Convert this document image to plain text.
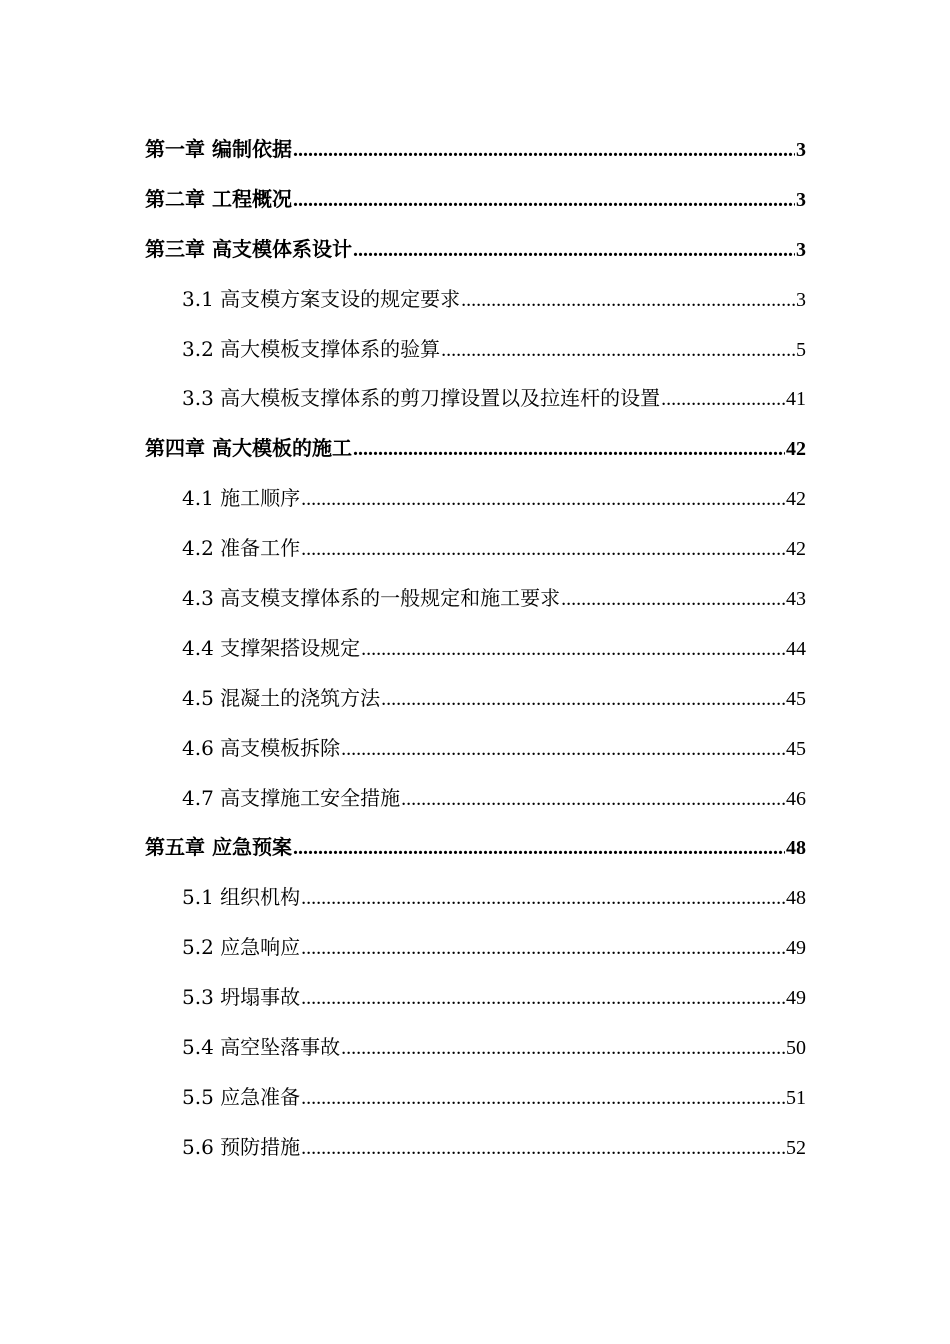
第一章 编制依据 .....	3
第二章 工程概况 .....	3
第三章 高支模体系设计 .....	3
3.1 高支模方案支设的规定要求 .....	3
3.2 高大模板支撑体系的验算 .....	5
3.3 高大模板支撑体系的剪刀撑设置以及拉连杆的设置 .....	41
第四章 高大模板的施工 .....	42
4.1 施工顺序 .....	42
4.2 准备工作 .....	42
4.3 高支模支撑体系的一般规定和施工要求 .....	43
4.4 支撑架搭设规定 .....	44
4.5 混凝土的浇筑方法 .....	45
4.6 高支模板拆除 .....	45
4.7 高支撑施工安全措施 .....	46
第五章 应急预案 .....	48
5.1 组织机构 .....	48
5.2 应急响应 .....	49
5.3 坍塌事故 .....	49
5.4 高空坠落事故 .....	50
5.5 应急准备 .....	51
5.6 预防措施 .....	52
